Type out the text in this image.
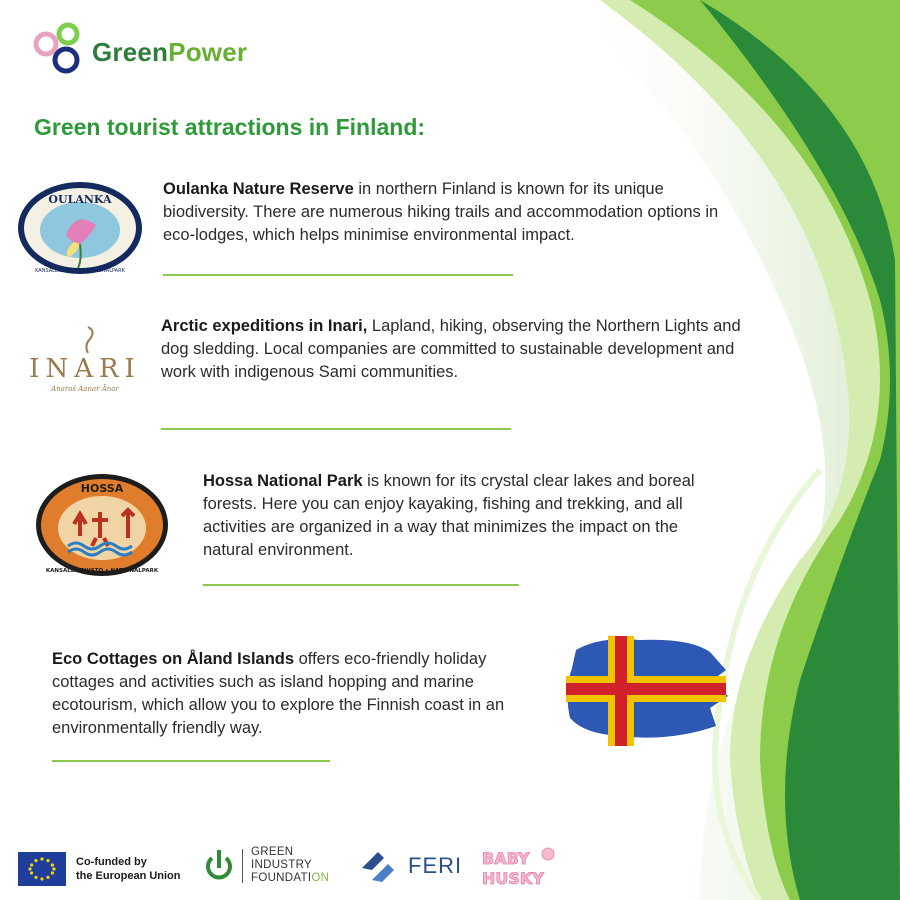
GreenPower
Green tourist attractions in Finland:
OULANKA
KANSALLISPUISTO • NATIONALPARK
Oulanka Nature Reserve in northern Finland is known for its unique biodiversity. There are numerous hiking trails and accommodation options in eco-lodges, which helps minimise environmental impact.
INARI
Anaraš Aanar Ānar
Arctic expeditions in Inari, Lapland, hiking, observing the Northern Lights and dog sledding. Local companies are committed to sustainable development and work with indigenous Sami communities.
HOSSA
KANSALLISPUISTO • NATIONALPARK
Hossa National Park is known for its crystal clear lakes and boreal forests. Here you can enjoy kayaking, fishing and trekking, and all activities are organized in a way that minimizes the impact on the natural environment.
Eco Cottages on Åland Islands offers eco-friendly holiday cottages and activities such as island hopping and marine ecotourism, which allow you to explore the Finnish coast in an environmentally friendly way.
Co-funded by
the European Union
GREEN
INDUSTRY
FOUNDATION	FERI BABY
HUSKY
